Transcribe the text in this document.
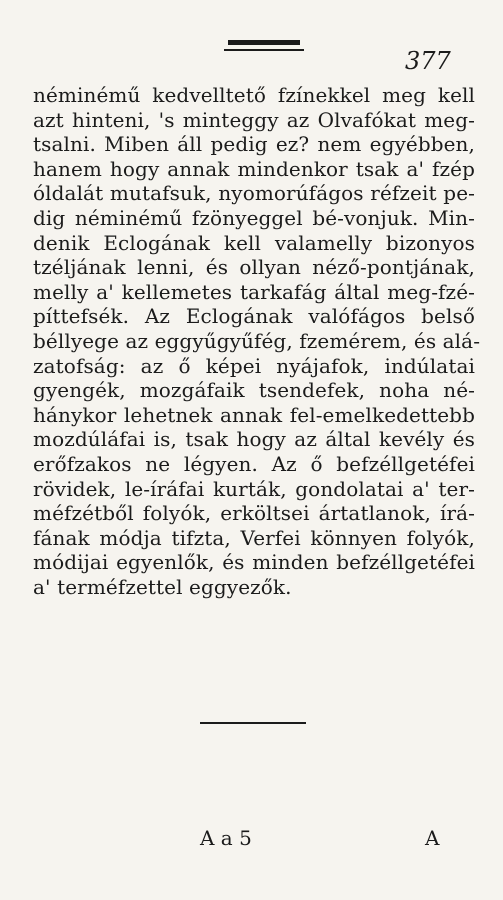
377
néminémű kedvelltető fzínekkel meg kell
azt hinteni, 's minteggy az Olvafókat meg-
tsalni. Miben áll pedig ez? nem egyébben,
hanem hogy annak mindenkor tsak a' fzép
óldalát mutafsuk, nyomorúfágos réfzeit pe-
dig néminémű fzönyeggel bé-vonjuk. Min-
denik Eclogának kell valamelly bizonyos
tzéljának lenni, és ollyan néző-pontjának,
melly a' kellemetes tarkafág által meg-fzé-
píttefsék. Az Eclogának valófágos belső
béllyege az eggyűgyűfég, fzemérem, és alá-
zatofság: az ő képei nyájafok, indúlatai
gyengék, mozgáfaik tsendefek, noha né-
hánykor lehetnek annak fel-emelkedettebb
mozdúláfai is, tsak hogy az által kevély és
erőfzakos ne légyen. Az ő befzéllgetéfei
rövidek, le-íráfai kurták, gondolatai a' ter-
méfzétből folyók, erköltsei ártatlanok, írá-
fának módja tifzta, Verfei könnyen folyók,
módijai egyenlők, és minden befzéllgetéfei
a' terméfzettel eggyezők.
A a 5	A
